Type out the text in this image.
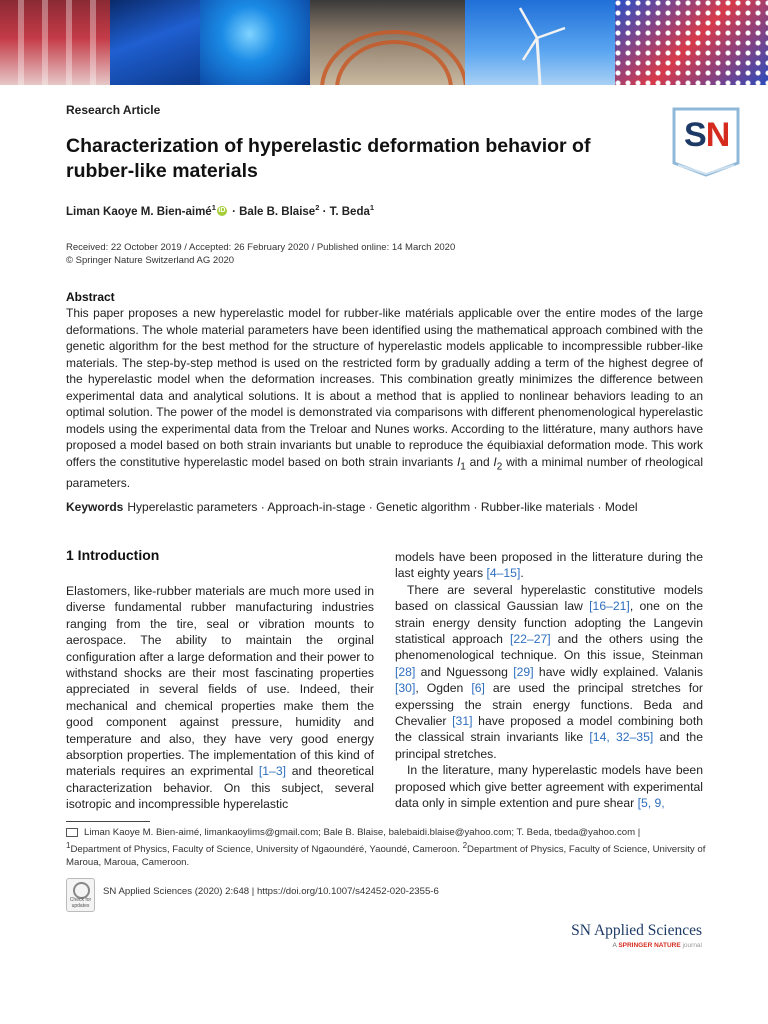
Research Article
SN
Characterization of hyperelastic deformation behavior of rubber-like materials
Liman Kaoye M. Bien-aimé$^1$ iD · Bale B. Blaise$^2$ · T. Beda$^1$
Received: 22 October 2019 / Accepted: 26 February 2020 / Published online: 14 March 2020
© Springer Nature Switzerland AG 2020
Abstract

This paper proposes a new hyperelastic model for rubber-like matérials applicable over the entire modes of the large deformations. The whole material parameters have been identified using the mathematical approach combined with the genetic algorithm for the best method for the structure of hyperelastic models applicable to incompressible rubber-like materials. The step-by-step method is used on the restricted form by gradually adding a term of the highest degree of the hyperelastic model when the deformation increases. This combination greatly minimizes the difference between experimental data and analytical solutions. It is about a method that is applied to nonlinear behaviors leading to an optimal solution. The power of the model is demonstrated via comparisons with different phenomenological hyperelastic models using the experimental data from the Treloar and Nunes works. According to the littérature, many authors have proposed a model based on both strain invariants but unable to reproduce the équibiaxial deformation mode. This work offers the constitutive hyperelastic model based on both strain invariants $I_1$ and $I_2$ with a minimal number of rheological parameters.

Keywords Hyperelastic parameters · Approach-in-stage · Genetic algorithm · Rubber-like materials · Model
1 Introduction

Elastomers, like-rubber materials are much more used in diverse fundamental rubber manufacturing industries ranging from the tire, seal or vibration mounts to aerospace. The ability to maintain the orginal configuration after a large deformation and their power to withstand shocks are their most fascinating properties appreciated in several fields of use. Indeed, their mechanical and chemical properties make them the good component against pressure, humidity and temperature and also, they have very good energy absorption properties. The implementation of this kind of materials requires an exprimental [1–3] and theoretical characterization behavior. On this subject, several isotropic and incompressible hyperelastic

models have been proposed in the litterature during the last eighty years [4–15].

There are several hyperelastic constitutive models based on classical Gaussian law [16–21], one on the strain energy density function adopting the Langevin statistical approach [22–27] and the others using the phenomenological technique. On this issue, Steinman [28] and Nguessong [29] have widly explained. Valanis [30], Ogden [6] are used the principal stretches for experssing the strain energy functions. Beda and Chevalier [31] have proposed a model combining both the classical strain invariants like [14, 32–35] and the principal stretches.

In the literature, many hyperelastic models have been proposed which give better agreement with experimental data only in simple extention and pure shear [5, 9,

Liman Kaoye M. Bien-aimé, limankaoylims@gmail.com; Bale B. Blaise, balebaidi.blaise@yahoo.com; T. Beda, tbeda@yahoo.com |
$^1$Department of Physics, Faculty of Science, University of Ngaoundéré, Yaoundé, Cameroon. $^2$Department of Physics, Faculty of Science, University of Maroua, Maroua, Cameroon.
Check for updates
SN Applied Sciences (2020) 2:648 | https://doi.org/10.1007/s42452-020-2355-6
SN Applied Sciences
A SPRINGER NATURE journal
